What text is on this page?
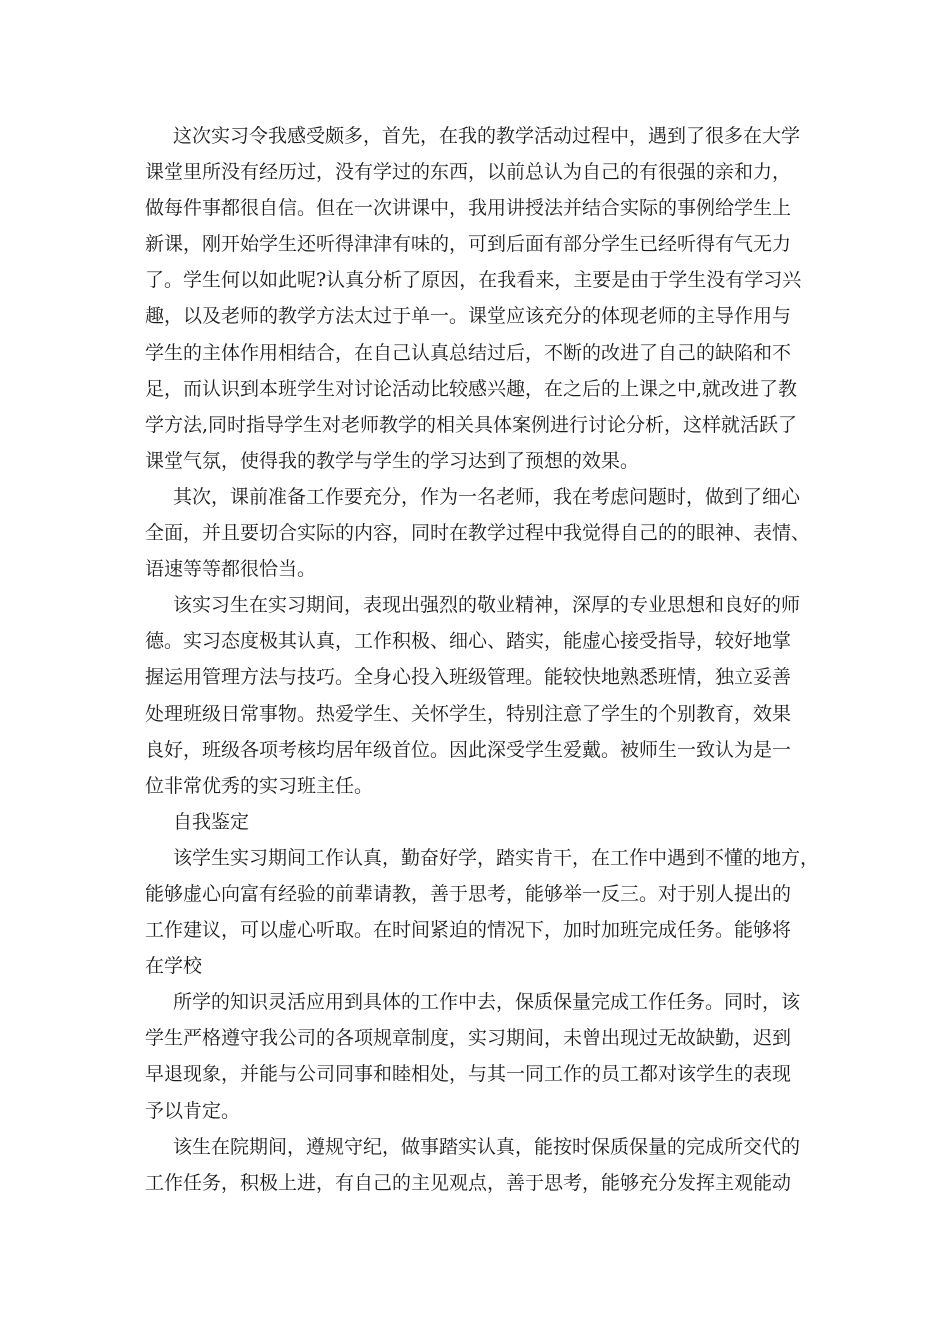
这次实习令我感受颇多，首先，在我的教学活动过程中，遇到了很多在大学
课堂里所没有经历过，没有学过的东西，以前总认为自己的有很强的亲和力，
做每件事都很自信。但在一次讲课中，我用讲授法并结合实际的事例给学生上
新课，刚开始学生还听得津津有味的，可到后面有部分学生已经听得有气无力
了。学生何以如此呢?认真分析了原因，在我看来，主要是由于学生没有学习兴
趣，以及老师的教学方法太过于单一。课堂应该充分的体现老师的主导作用与
学生的主体作用相结合，在自己认真总结过后，不断的改进了自己的缺陷和不
足，而认识到本班学生对讨论活动比较感兴趣，在之后的上课之中,就改进了教
学方法,同时指导学生对老师教学的相关具体案例进行讨论分析，这样就活跃了
课堂气氛，使得我的教学与学生的学习达到了预想的效果。
其次，课前准备工作要充分，作为一名老师，我在考虑问题时，做到了细心
全面，并且要切合实际的内容，同时在教学过程中我觉得自己的的眼神、表情、
语速等等都很恰当。
该实习生在实习期间，表现出强烈的敬业精神，深厚的专业思想和良好的师
德。实习态度极其认真，工作积极、细心、踏实，能虚心接受指导，较好地掌
握运用管理方法与技巧。全身心投入班级管理。能较快地熟悉班情，独立妥善
处理班级日常事物。热爱学生、关怀学生，特别注意了学生的个别教育，效果
良好，班级各项考核均居年级首位。因此深受学生爱戴。被师生一致认为是一
位非常优秀的实习班主任。
自我鉴定
该学生实习期间工作认真，勤奋好学，踏实肯干，在工作中遇到不懂的地方，
能够虚心向富有经验的前辈请教，善于思考，能够举一反三。对于别人提出的
工作建议，可以虚心听取。在时间紧迫的情况下，加时加班完成任务。能够将
在学校
所学的知识灵活应用到具体的工作中去，保质保量完成工作任务。同时，该
学生严格遵守我公司的各项规章制度，实习期间，未曾出现过无故缺勤，迟到
早退现象，并能与公司同事和睦相处，与其一同工作的员工都对该学生的表现
予以肯定。
该生在院期间，遵规守纪，做事踏实认真，能按时保质保量的完成所交代的
工作任务，积极上进，有自己的主见观点，善于思考，能够充分发挥主观能动
